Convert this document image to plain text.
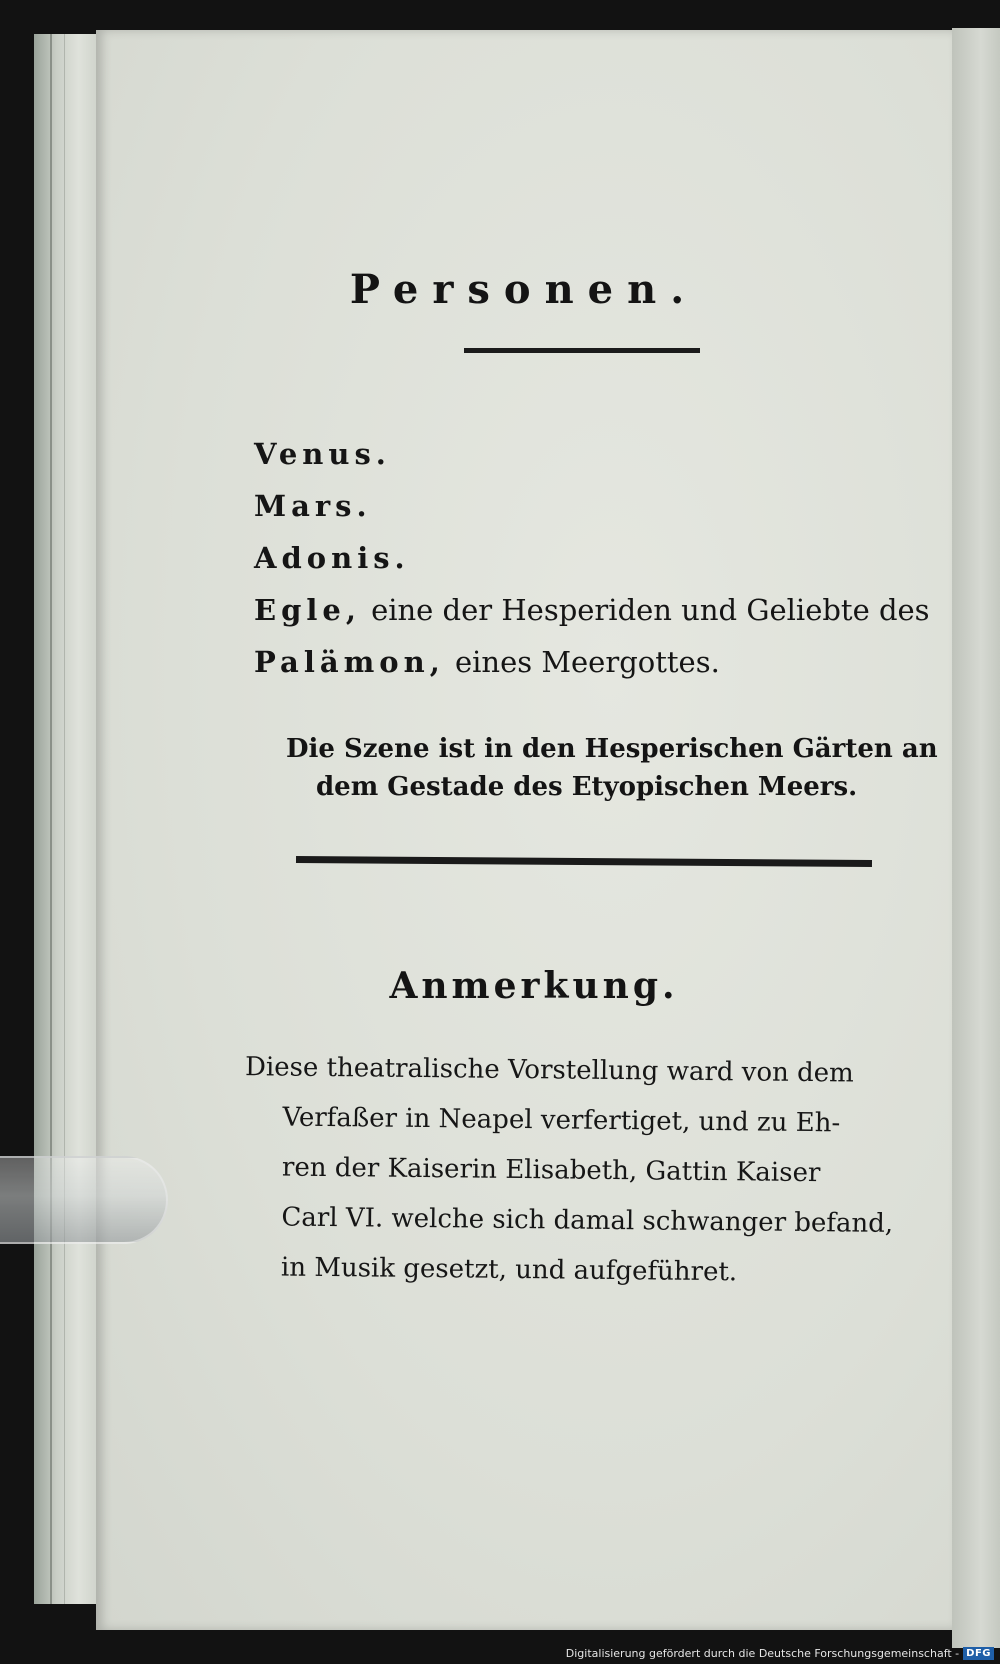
Personen.
Venus.
Mars.
Adonis.
Egle, eine der Hesperiden und Geliebte des
Palämon, eines Meergottes.
Die Szene ist in den Hesperischen Gärten an
dem Gestade des Etyopischen Meers.
Anmerkung.
Diese theatralische Vorstellung ward von dem
Verfaßer in Neapel verfertiget, und zu Eh-
ren der Kaiserin Elisabeth, Gattin Kaiser
Carl VI. welche sich damal schwanger befand,
in Musik gesetzt, und aufgeführet.
Digitalisierung gefördert durch die Deutsche Forschungsgemeinschaft - DFG
